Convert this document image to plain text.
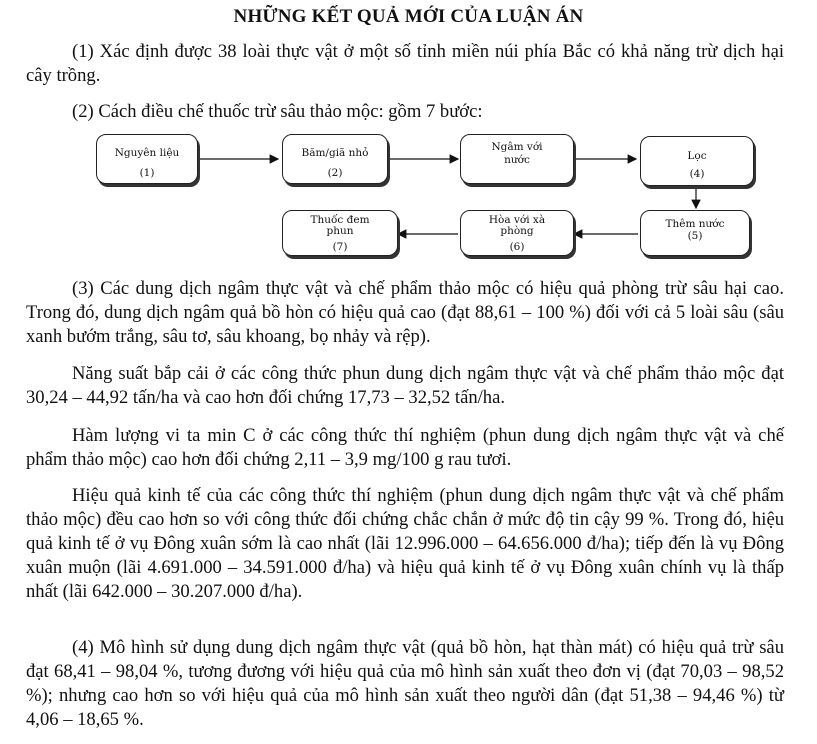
NHỮNG KẾT QUẢ MỚI CỦA LUẬN ÁN

(1) Xác định được 38 loài thực vật ở một số tỉnh miền núi phía Bắc có khả năng trừ dịch hại cây trồng.

(2) Cách điều chế thuốc trừ sâu thảo mộc: gồm 7 bước:

Nguyên liệu
(1)
Băm/giã nhỏ
(2)
Ngâm với
nước	Lọc
(4)
Thêm nước
(5)
Hòa với xà
phòng
(6)
Thuốc đem
phun
(7)

(3) Các dung dịch ngâm thực vật và chế phẩm thảo mộc có hiệu quả phòng trừ sâu hại cao. Trong đó, dung dịch ngâm quả bồ hòn có hiệu quả cao (đạt 88,61 – 100 %) đối với cả 5 loài sâu (sâu xanh bướm trắng, sâu tơ, sâu khoang, bọ nhảy và rệp).

Năng suất bắp cải ở các công thức phun dung dịch ngâm thực vật và chế phẩm thảo mộc đạt 30,24 – 44,92 tấn/ha và cao hơn đối chứng 17,73 – 32,52 tấn/ha.

Hàm lượng vi ta min C ở các công thức thí nghiệm (phun dung dịch ngâm thực vật và chế phẩm thảo mộc) cao hơn đối chứng 2,11 – 3,9 mg/100 g rau tươi.

Hiệu quả kinh tế của các công thức thí nghiệm (phun dung dịch ngâm thực vật và chế phẩm thảo mộc) đều cao hơn so với công thức đối chứng chắc chắn ở mức độ tin cậy 99 %. Trong đó, hiệu quả kinh tế ở vụ Đông xuân sớm là cao nhất (lãi 12.996.000 – 64.656.000 đ/ha); tiếp đến là vụ Đông xuân muộn (lãi 4.691.000 – 34.591.000 đ/ha) và hiệu quả kinh tế ở vụ Đông xuân chính vụ là thấp nhất (lãi 642.000 – 30.207.000 đ/ha).

(4) Mô hình sử dụng dung dịch ngâm thực vật (quả bồ hòn, hạt thàn mát) có hiệu quả trừ sâu đạt 68,41 – 98,04 %, tương đương với hiệu quả của mô hình sản xuất theo đơn vị (đạt 70,03 – 98,52 %); nhưng cao hơn so với hiệu quả của mô hình sản xuất theo người dân (đạt 51,38 – 94,46 %) từ 4,06 – 18,65 %.
